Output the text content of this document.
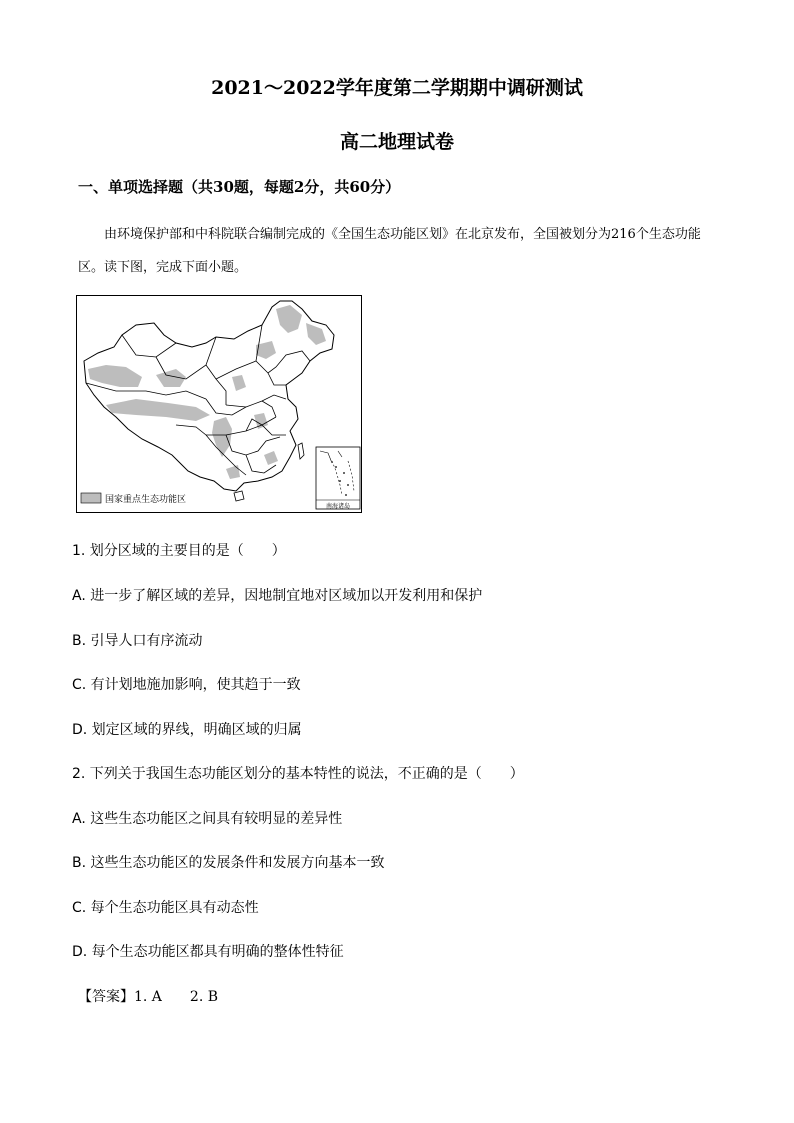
2021～2022学年度第二学期期中调研测试
高二地理试卷
一、单项选择题（共30题，每题2分，共60分）
由环境保护部和中科院联合编制完成的《全国生态功能区划》在北京发布，全国被划分为216个生态功能区。读下图，完成下面小题。
南海诸岛
国家重点生态功能区
1. 划分区域的主要目的是（　　）
A. 进一步了解区域的差异，因地制宜地对区域加以开发利用和保护
B. 引导人口有序流动
C. 有计划地施加影响，使其趋于一致
D. 划定区域的界线，明确区域的归属
2. 下列关于我国生态功能区划分的基本特性的说法，不正确的是（　　）
A. 这些生态功能区之间具有较明显的差异性
B. 这些生态功能区的发展条件和发展方向基本一致
C. 每个生态功能区具有动态性
D. 每个生态功能区都具有明确的整体性特征
【答案】1. A 2. B
